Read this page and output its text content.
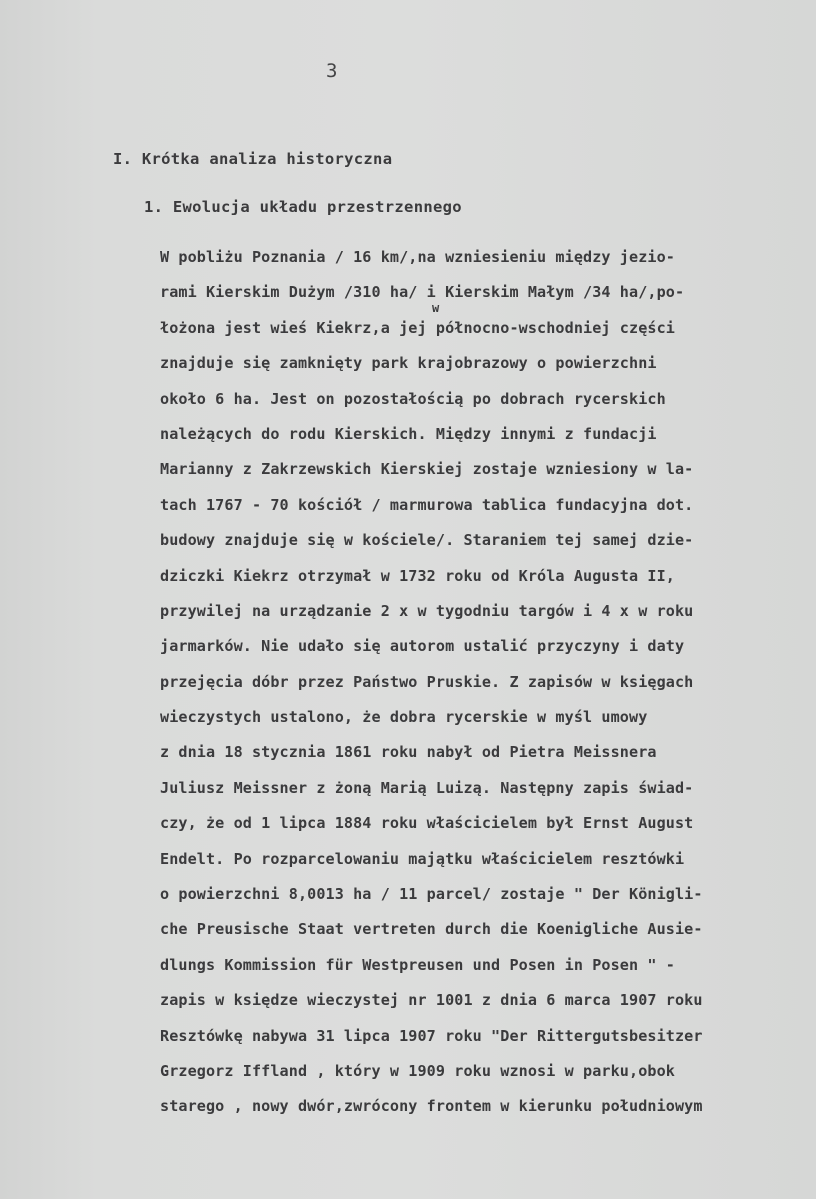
3
I. Krótka analiza historyczna
1. Ewolucja układu przestrzennego
w
W pobliżu Poznania / 16 km/,na wzniesieniu między jezio-
rami Kierskim Dużym /310 ha/ i Kierskim Małym /34 ha/,po-
łożona jest wieś Kiekrz,a jej północno-wschodniej części
znajduje się zamknięty park krajobrazowy o powierzchni
około 6 ha. Jest on pozostałością po dobrach rycerskich
należących do rodu Kierskich. Między innymi z fundacji
Marianny z Zakrzewskich Kierskiej zostaje wzniesiony w la-
tach 1767 - 70 kościół / marmurowa tablica fundacyjna dot.
budowy znajduje się w kościele/. Staraniem tej samej dzie-
dziczki Kiekrz otrzymał w 1732 roku od Króla Augusta II,
przywilej na urządzanie 2 x w tygodniu targów i 4 x w roku
jarmarków. Nie udało się autorom ustalić przyczyny i daty
przejęcia dóbr przez Państwo Pruskie. Z zapisów w księgach
wieczystych ustalono, że dobra rycerskie w myśl umowy
z dnia 18 stycznia 1861 roku nabył od Pietra Meissnera
Juliusz Meissner z żoną Marią Luizą. Następny zapis świad-
czy, że od 1 lipca 1884 roku właścicielem był Ernst August
Endelt. Po rozparcelowaniu majątku właścicielem resztówki
o powierzchni 8,0013 ha / 11 parcel/ zostaje " Der Königli-
che Preusische Staat vertreten durch die Koenigliche Ausie-
dlungs Kommission für Westpreusen und Posen in Posen " -
zapis w księdze wieczystej nr 1001 z dnia 6 marca 1907 roku
Resztówkę nabywa 31 lipca 1907 roku "Der Rittergutsbesitzer
Grzegorz Iffland , który w 1909 roku wznosi w parku,obok
starego , nowy dwór,zwrócony frontem w kierunku południowym
